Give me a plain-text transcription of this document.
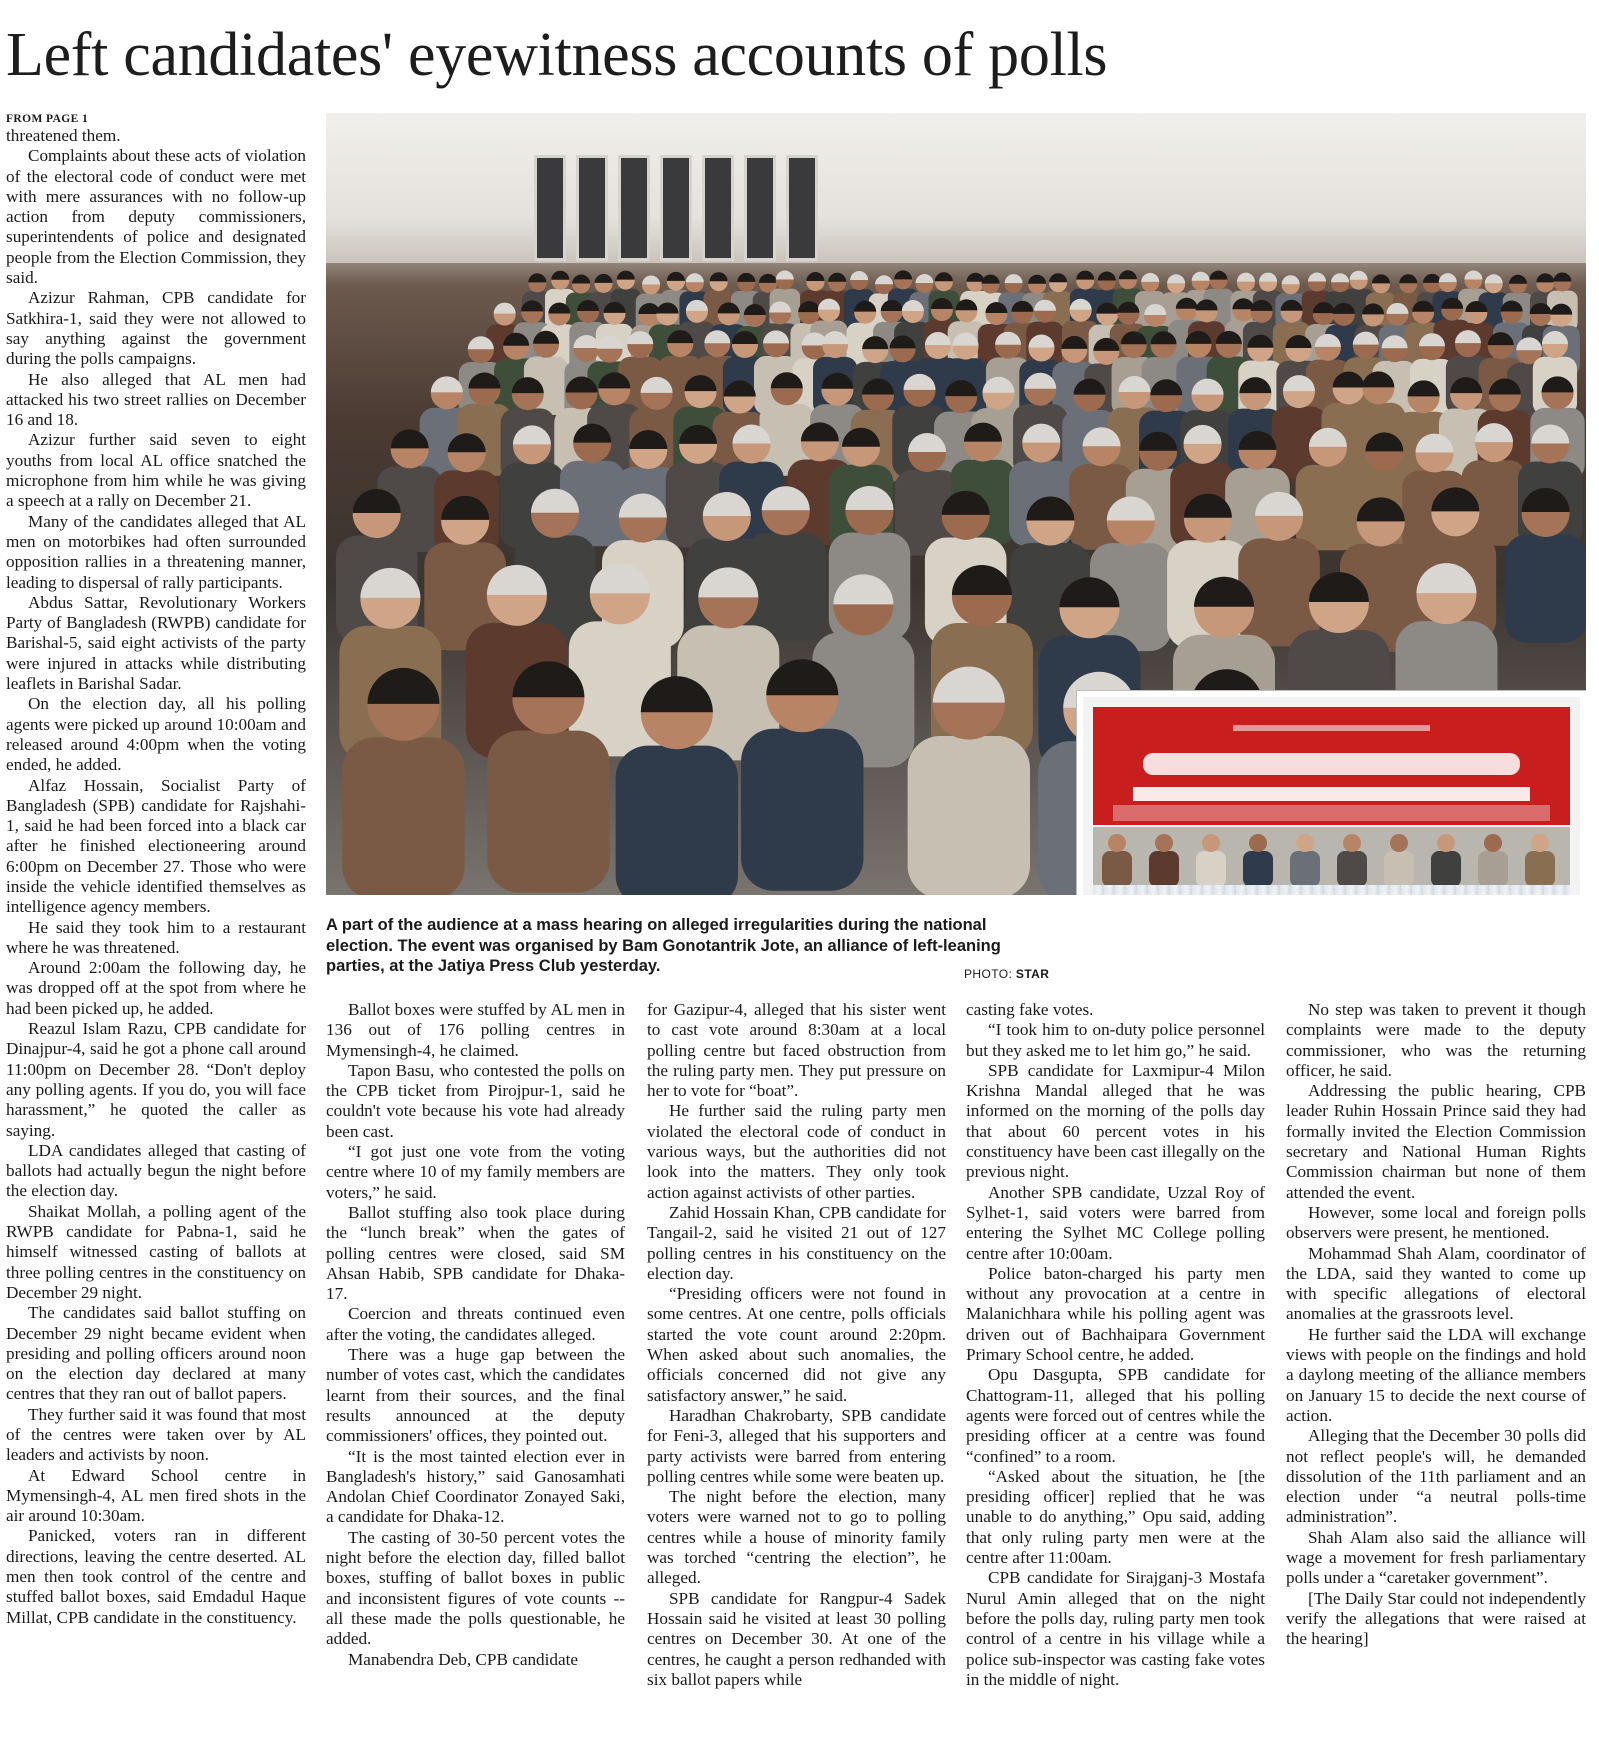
Left candidates' eyewitness accounts of polls
FROM PAGE 1

threatened them.

Complaints about these acts of violation of the electoral code of conduct were met with mere assurances with no follow-up action from deputy commissioners, superintendents of police and designated people from the Election Commission, they said.

Azizur Rahman, CPB candidate for Satkhira-1, said they were not allowed to say anything against the government during the polls campaigns.

He also alleged that AL men had attacked his two street rallies on December 16 and 18.

Azizur further said seven to eight youths from local AL office snatched the microphone from him while he was giving a speech at a rally on December 21.

Many of the candidates alleged that AL men on motorbikes had often surrounded opposition rallies in a threatening manner, leading to dispersal of rally participants.

Abdus Sattar, Revolutionary Workers Party of Bangladesh (RWPB) candidate for Barishal-5, said eight activists of the party were injured in attacks while distributing leaflets in Barishal Sadar.

On the election day, all his polling agents were picked up around 10:00am and released around 4:00pm when the voting ended, he added.

Alfaz Hossain, Socialist Party of Bangladesh (SPB) candidate for Rajshahi-1, said he had been forced into a black car after he finished electioneering around 6:00pm on December 27. Those who were inside the vehicle identified themselves as intelligence agency members.

He said they took him to a restaurant where he was threatened.

Around 2:00am the following day, he was dropped off at the spot from where he had been picked up, he added.

Reazul Islam Razu, CPB candidate for Dinajpur-4, said he got a phone call around 11:00pm on December 28. “Don't deploy any polling agents. If you do, you will face harassment,” he quoted the caller as saying.

LDA candidates alleged that casting of ballots had actually begun the night before the election day.

Shaikat Mollah, a polling agent of the RWPB candidate for Pabna-1, said he himself witnessed casting of ballots at three polling centres in the constituency on December 29 night.

The candidates said ballot stuffing on December 29 night became evident when presiding and polling officers around noon on the election day declared at many centres that they ran out of ballot papers.

They further said it was found that most of the centres were taken over by AL leaders and activists by noon.

At Edward School centre in Mymensingh-4, AL men fired shots in the air around 10:30am.

Panicked, voters ran in different directions, leaving the centre deserted. AL men then took control of the centre and stuffed ballot boxes, said Emdadul Haque Millat, CPB candidate in the constituency.

A part of the audience at a mass hearing on alleged irregularities during the national election. The event was organised by Bam Gonotantrik Jote, an alliance of left-leaning parties, at the Jatiya Press Club yesterday.	PHOTO: STAR

Ballot boxes were stuffed by AL men in 136 out of 176 polling centres in Mymensingh-4, he claimed.

Tapon Basu, who contested the polls on the CPB ticket from Pirojpur-1, said he couldn't vote because his vote had already been cast.

“I got just one vote from the voting centre where 10 of my family members are voters,” he said.

Ballot stuffing also took place during the “lunch break” when the gates of polling centres were closed, said SM Ahsan Habib, SPB candidate for Dhaka-17.

Coercion and threats continued even after the voting, the candidates alleged.

There was a huge gap between the number of votes cast, which the candidates learnt from their sources, and the final results announced at the deputy commissioners' offices, they pointed out.

“It is the most tainted election ever in Bangladesh's history,” said Ganosamhati Andolan Chief Coordinator Zonayed Saki, a candidate for Dhaka-12.

The casting of 30-50 percent votes the night before the election day, filled ballot boxes, stuffing of ballot boxes in public and inconsistent figures of vote counts -- all these made the polls questionable, he added.

Manabendra Deb, CPB candidate

for Gazipur-4, alleged that his sister went to cast vote around 8:30am at a local polling centre but faced obstruction from the ruling party men. They put pressure on her to vote for “boat”.

He further said the ruling party men violated the electoral code of conduct in various ways, but the authorities did not look into the matters. They only took action against activists of other parties.

Zahid Hossain Khan, CPB candidate for Tangail-2, said he visited 21 out of 127 polling centres in his constituency on the election day.

“Presiding officers were not found in some centres. At one centre, polls officials started the vote count around 2:20pm. When asked about such anomalies, the officials concerned did not give any satisfactory answer,” he said.

Haradhan Chakrobarty, SPB candidate for Feni-3, alleged that his supporters and party activists were barred from entering polling centres while some were beaten up.

The night before the election, many voters were warned not to go to polling centres while a house of minority family was torched “centring the election”, he alleged.

SPB candidate for Rangpur-4 Sadek Hossain said he visited at least 30 polling centres on December 30. At one of the centres, he caught a person redhanded with six ballot papers while

casting fake votes.

“I took him to on-duty police personnel but they asked me to let him go,” he said.

SPB candidate for Laxmipur-4 Milon Krishna Mandal alleged that he was informed on the morning of the polls day that about 60 percent votes in his constituency have been cast illegally on the previous night.

Another SPB candidate, Uzzal Roy of Sylhet-1, said voters were barred from entering the Sylhet MC College polling centre after 10:00am.

Police baton-charged his party men without any provocation at a centre in Malanichhara while his polling agent was driven out of Bachhaipara Government Primary School centre, he added.

Opu Dasgupta, SPB candidate for Chattogram-11, alleged that his polling agents were forced out of centres while the presiding officer at a centre was found “confined” to a room.

“Asked about the situation, he [the presiding officer] replied that he was unable to do anything,” Opu said, adding that only ruling party men were at the centre after 11:00am.

CPB candidate for Sirajganj-3 Mostafa Nurul Amin alleged that on the night before the polls day, ruling party men took control of a centre in his village while a police sub-inspector was casting fake votes in the middle of night.

No step was taken to prevent it though complaints were made to the deputy commissioner, who was the returning officer, he said.

Addressing the public hearing, CPB leader Ruhin Hossain Prince said they had formally invited the Election Commission secretary and National Human Rights Commission chairman but none of them attended the event.

However, some local and foreign polls observers were present, he mentioned.

Mohammad Shah Alam, coordinator of the LDA, said they wanted to come up with specific allegations of electoral anomalies at the grassroots level.

He further said the LDA will exchange views with people on the findings and hold a daylong meeting of the alliance members on January 15 to decide the next course of action.

Alleging that the December 30 polls did not reflect people's will, he demanded dissolution of the 11th parliament and an election under “a neutral polls-time administration”.

Shah Alam also said the alliance will wage a movement for fresh parliamentary polls under a “caretaker government”.

[The Daily Star could not independently verify the allegations that were raised at the hearing]
